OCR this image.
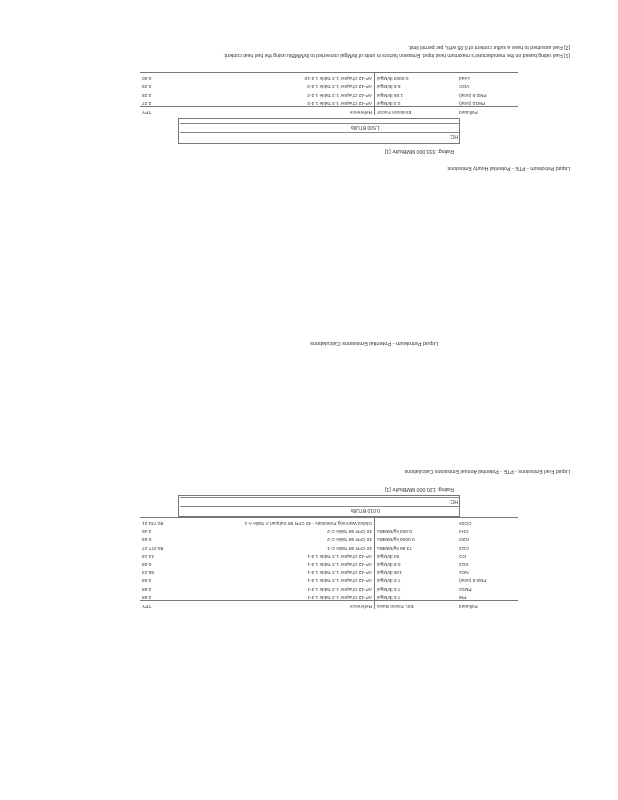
Liquid Petroleum - Potential Emissions Calculations
Liquid Fuel Emissions - PTE - Potential Annual Emissions Calculations
Rating: 120.000 MMBtu/hr [1]
HC:
0.010 BTU/lb
Pollutant	Em. Factor Basis	Reference	TPY
PM	7.0 lb/Mgal	AP-42 Chapter 1.3 Table 1.3-1	3.68
PM10	7.0 lb/Mgal	AP-42 Chapter 1.3 Table 1.3-1	3.68
PM2.5 (total)	7.0 lb/Mgal	AP-42 Chapter 1.3 Table 1.3-1	3.68
NOx	105 lb/Mgal	AP-42 Chapter 1.3 Table 1.3-1	55.23
SO2	0.8 lb/Mgal	AP-42 Chapter 1.3 Table 1.3-1	0.08
CO	84 lb/Mgal	AP-42 Chapter 1.3 Table 1.3-1	44.19
CO2	73.96 kg/MMBtu	40 CFR 98 Table C-1	85,377.47
N2O	0.0006 kg/MMBtu	40 CFR 98 Table C-2	0.69
CH4	0.003 kg/MMBtu	40 CFR 98 Table C-2	3.46
CO2e		Global Warming Potentials - 40 CFR 98 Subpart A Table A-1	85,734.21
Liquid Petroleum - PTE - Potential Hourly Emissions
Rating: 333,000 MMBtu/hr [1]
HC:
1,500 BTU/lb
Pollutant	Emission Factor	Reference	TPY
PM10 (total)	2.3 lb/Mgal	AP-42 Chapter 1.3 Table 1.3-2	3.37
PM2.5 (total)	1.55 lb/Mgal	AP-42 Chapter 1.3 Table 1.3-2	2.25
VOC	5.5 lb/Mgal	AP-42 Chapter 1.3 Table 1.3-3	0.29
Lead	0.0003 lb/Mgal	AP-42 Chapter 1.3 Table 1.3-10	0.00
[1] Fuel rating based on the manufacturer's maximum heat input. Emission factors in units of lb/Mgal converted to lb/MMBtu using the fuel heat content.
[2] Fuel assumed to have a sulfur content of 0.05 wt%, per permit limit.
